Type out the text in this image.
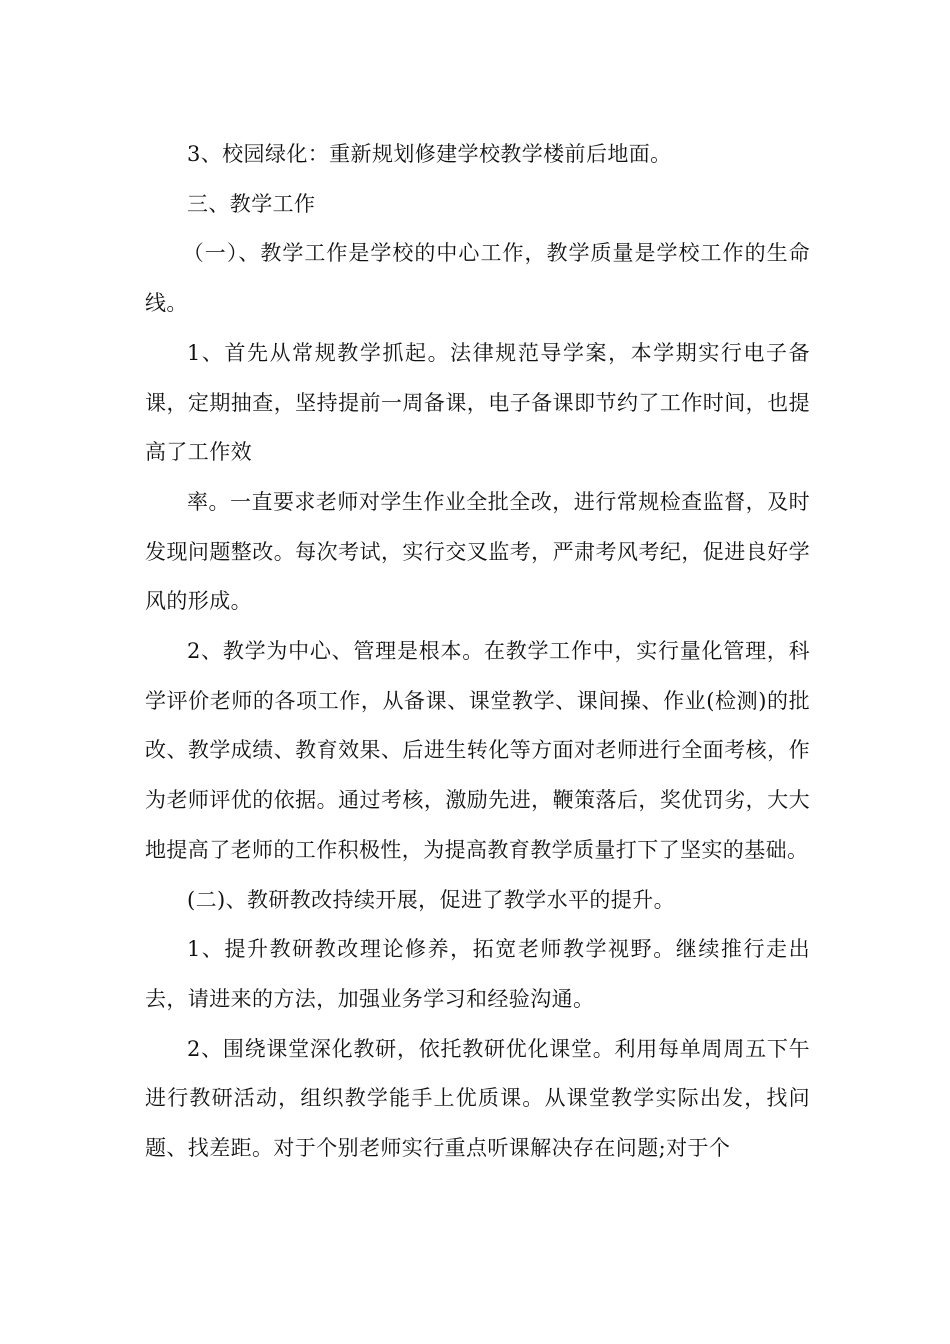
3、校园绿化：重新规划修建学校教学楼前后地面。

三、教学工作

（一）、教学工作是学校的中心工作，教学质量是学校工作的生命线。

1、首先从常规教学抓起。法律规范导学案，本学期实行电子备课，定期抽查，坚持提前一周备课，电子备课即节约了工作时间，也提高了工作效

率。一直要求老师对学生作业全批全改，进行常规检查监督，及时发现问题整改。每次考试，实行交叉监考，严肃考风考纪，促进良好学风的形成。

2、教学为中心、管理是根本。在教学工作中，实行量化管理，科学评价老师的各项工作，从备课、课堂教学、课间操、作业(检测)的批改、教学成绩、教育效果、后进生转化等方面对老师进行全面考核，作为老师评优的依据。通过考核，激励先进，鞭策落后，奖优罚劣，大大地提高了老师的工作积极性，为提高教育教学质量打下了坚实的基础。

(二)、教研教改持续开展，促进了教学水平的提升。

1、提升教研教改理论修养，拓宽老师教学视野。继续推行走出去，请进来的方法，加强业务学习和经验沟通。

2、围绕课堂深化教研，依托教研优化课堂。利用每单周周五下午进行教研活动，组织教学能手上优质课。从课堂教学实际出发，找问题、找差距。对于个别老师实行重点听课解决存在问题;对于个
